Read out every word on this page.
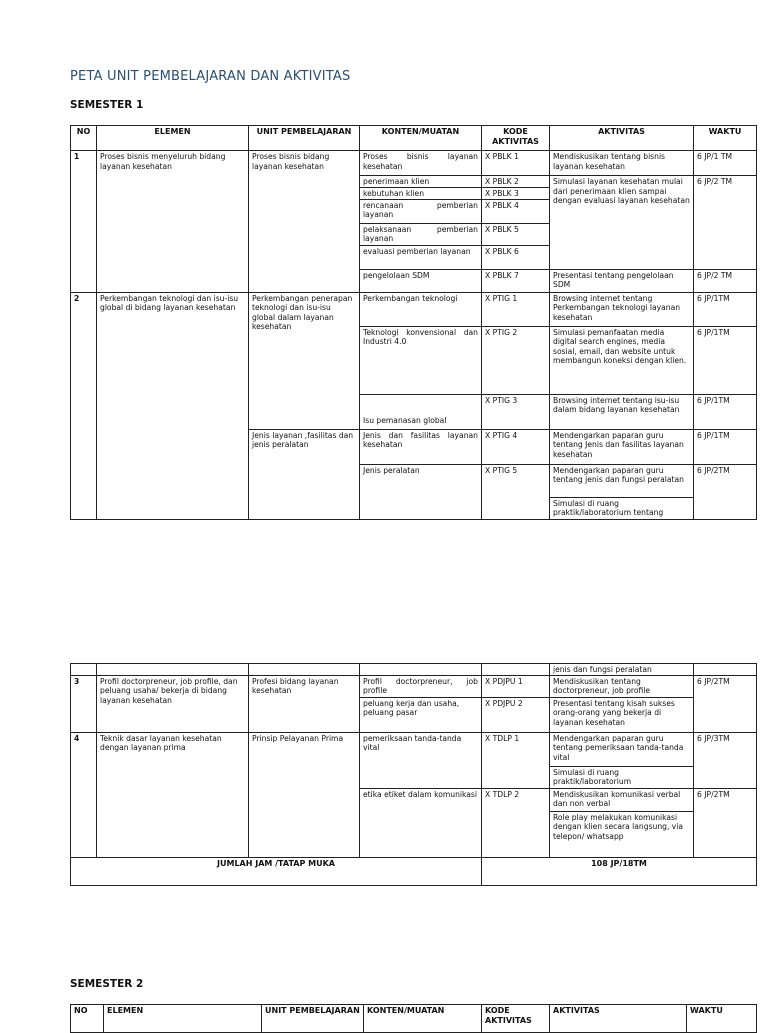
PETA UNIT PEMBELAJARAN DAN AKTIVITAS
SEMESTER 1
NO	ELEMEN	UNIT PEMBELAJARAN	KONTEN/MUATAN	KODE AKTIVITAS	AKTIVITAS	WAKTU
1	Proses bisnis menyeluruh bidang layanan kesehatan	Proses bisnis bidang layanan kesehatan	Proses bisnis layanan kesehatan	X PBLK 1	Mendiskusikan tentang bisnis layanan kesehatan	6 JP/1 TM
			penerimaan klien	X PBLK 2	Simulasi layanan kesehatan mulai dari penerimaan klien sampai dengan evaluasi layanan kesehatan	6 JP/2 TM
			kebutuhan klien	X PBLK 3		
			rencanaan pemberian layanan	X PBLK 4		
			pelaksanaan pemberian layanan	X PBLK 5		
			evaluasi pemberian layanan	X PBLK 6		
			pengelolaan SDM	X PBLK 7	Presentasi tentang pengelolaan SDM	6 JP/2 TM
2	Perkembangan teknologi dan isu-isu global di bidang layanan kesehatan	Perkembangan penerapan teknologi dan isu-isu global dalam layanan kesehatan	Perkembangan teknologi	X PTIG 1	Browsing internet tentang Perkembangan teknologi layanan kesehatan	6 JP/1TM
			Teknologi konvensional dan Industri 4.0	X PTIG 2	Simulasi pemanfaatan media digital search engines, media sosial, email, dan website untuk membangun koneksi dengan klien.	6 JP/1TM
			Isu pemanasan global	X PTIG 3	Browsing internet tentang isu-isu dalam bidang layanan kesehatan	6 JP/1TM
		Jenis layanan ,fasilitas dan jenis peralatan	Jenis dan fasilitas layanan kesehatan	X PTIG 4	Mendengarkan paparan guru tentang Jenis dan fasilitas layanan kesehatan	6 JP/1TM
			Jenis peralatan	X PTIG 5	Mendengarkan paparan guru tentang jenis dan fungsi peralatan	6 JP/2TM
					Simulasi di ruang praktik/laboratorium tentang	
					jenis dan fungsi peralatan	
3	Profil doctorpreneur, job profile, dan peluang usaha/ bekerja di bidang layanan kesehatan	Profesi bidang layanan kesehatan	Profil doctorpreneur, job profile	X PDJPU 1	Mendiskusikan tentang doctorpreneur, job profile	6 JP/2TM
			peluang kerja dan usaha, peluang pasar	X PDJPU 2	Presentasi tentang kisah sukses orang-orang yang bekerja di layanan kesehatan	
4	Teknik dasar layanan kesehatan dengan layanan prima	Prinsip Pelayanan Prima	pemeriksaan tanda-tanda vital	X TDLP 1	Mendengarkan paparan guru tentang pemeriksaan tanda-tanda vital	6 JP/3TM
					Simulasi di ruang praktik/laboratorium	
			etika etiket dalam komunikasi	X TDLP 2	Mendiskusikan komunikasi verbal dan non verbal	6 JP/2TM
					Role play melakukan komunikasi dengan klien secara langsung, via telepon/ whatsapp	
JUMLAH JAM /TATAP MUKA				108 JP/18TM		
SEMESTER 2
NO	ELEMEN	UNIT PEMBELAJARAN	KONTEN/MUATAN	KODE AKTIVITAS	AKTIVITAS	WAKTU
